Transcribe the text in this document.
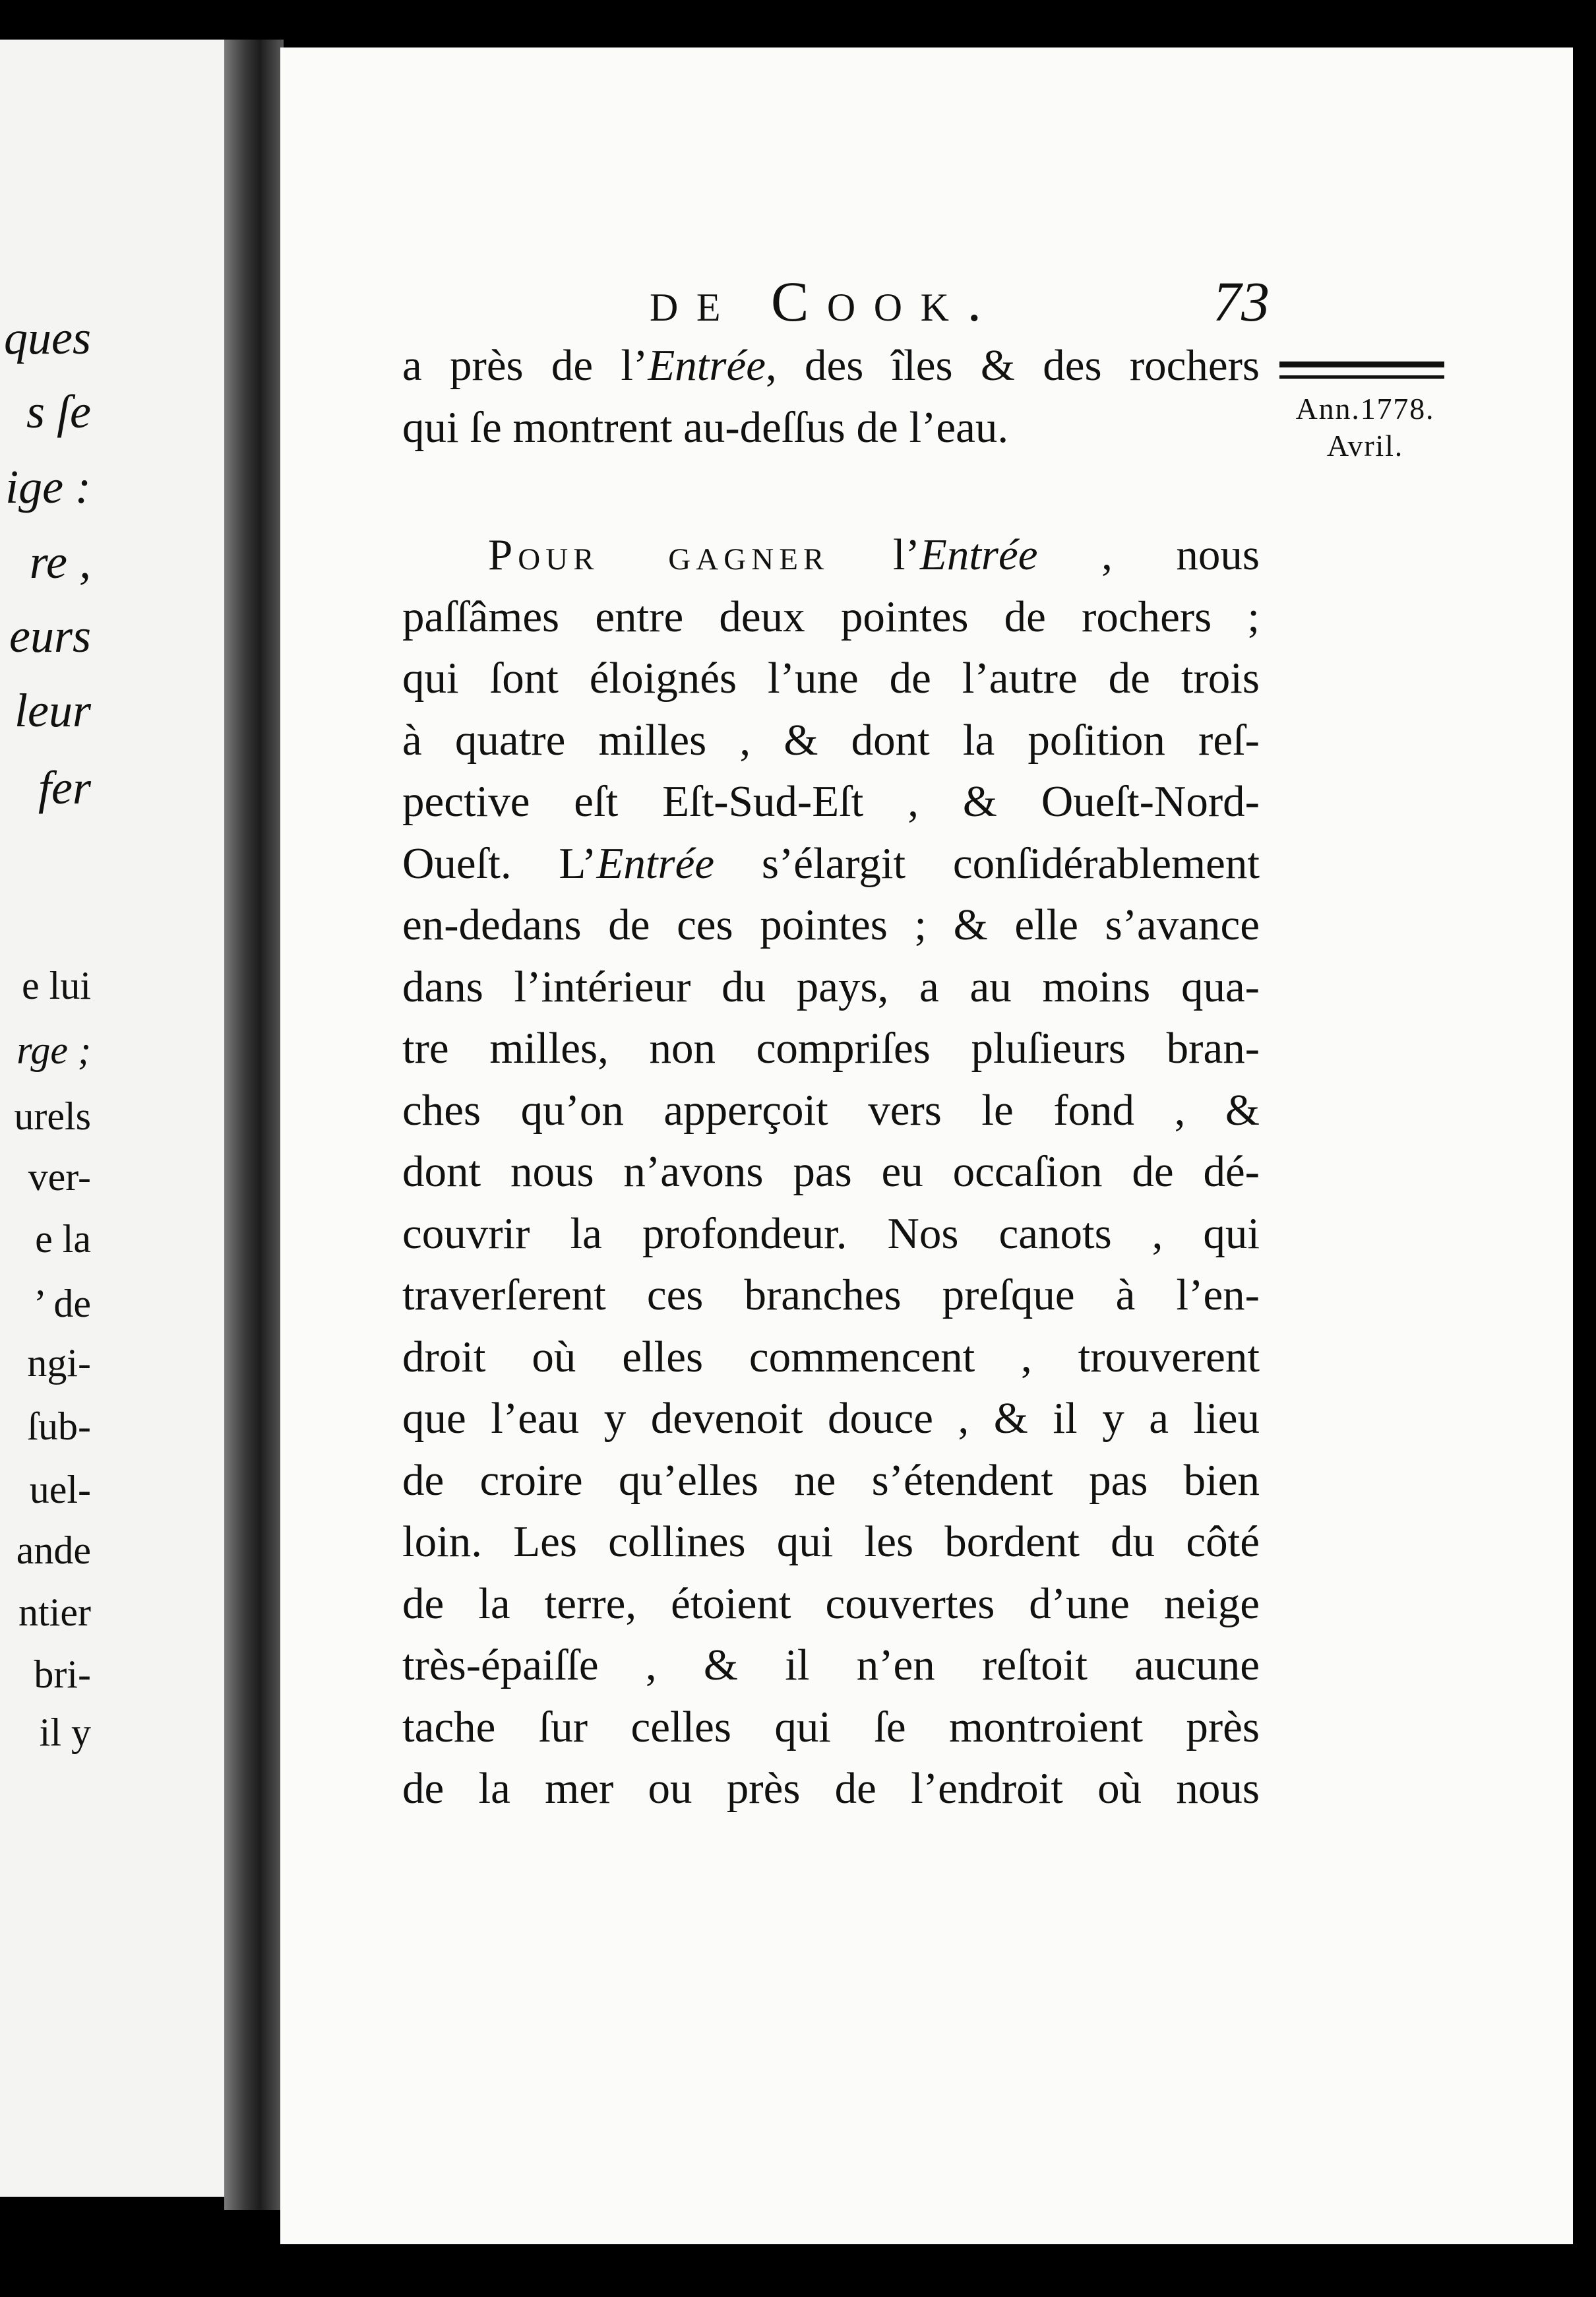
ques
s ſe
ige :
re ,
eurs
leur
fer
e lui
rge ;
urels
ver-
e la
’ de
ngi-
ſub-
uel-
ande
ntier
bri-
il y
de Cook.	73
Ann.1778.
Avril.
a près de l’Entrée, des îles & des rochers
qui ſe montrent au-deſſus de l’eau.
Pour gagner l’Entrée , nous
paſſâmes entre deux pointes de rochers ;
qui ſont éloignés l’une de l’autre de trois
à quatre milles , & dont la poſition reſ-
pective eſt Eſt-Sud-Eſt , & Oueſt-Nord-
Oueſt. L’Entrée s’élargit conſidérablement
en-dedans de ces pointes ; & elle s’avance
dans l’intérieur du pays, a au moins qua-
tre milles, non compriſes pluſieurs bran-
ches qu’on apperçoit vers le fond , &
dont nous n’avons pas eu occaſion de dé-
couvrir la profondeur. Nos canots , qui
traverſerent ces branches preſque à l’en-
droit où elles commencent , trouverent
que l’eau y devenoit douce , & il y a lieu
de croire qu’elles ne s’étendent pas bien
loin. Les collines qui les bordent du côté
de la terre, étoient couvertes d’une neige
très-épaiſſe , & il n’en reſtoit aucune
tache ſur celles qui ſe montroient près
de la mer ou près de l’endroit où nous
